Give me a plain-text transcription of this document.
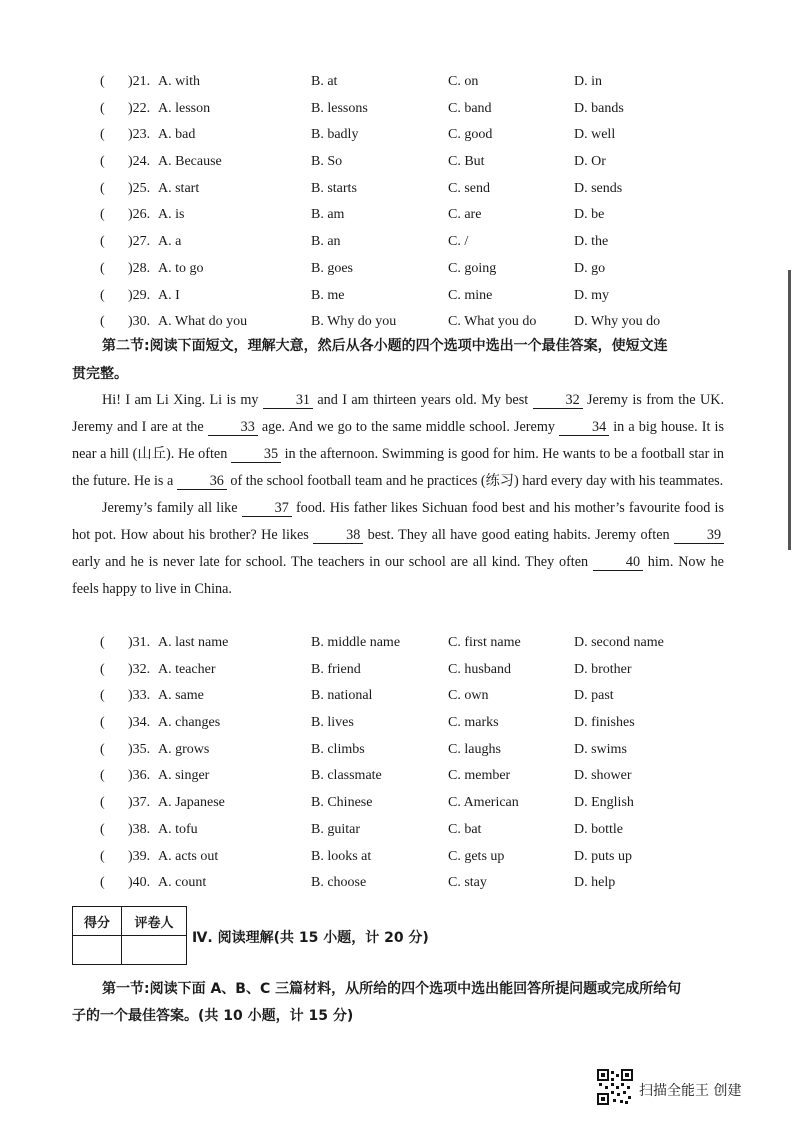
( )21. A. with	B. at	C. on	D. in
( )22. A. lesson	B. lessons	C. band	D. bands
( )23. A. bad	B. badly	C. good	D. well
( )24. A. Because	B. So	C. But	D. Or
( )25. A. start	B. starts	C. send	D. sends
( )26. A. is	B. am	C. are	D. be
( )27. A. a	B. an	C. /	D. the
( )28. A. to go	B. goes	C. going	D. go
( )29. A. I	B. me	C. mine	D. my
( )30. A. What do you	B. Why do you	C. What you do	D. Why you do
第二节:阅读下面短文，理解大意，然后从各小题的四个选项中选出一个最佳答案，使短文连
贯完整。

Hi! I am Li Xing. Li is my 31 and I am thirteen years old. My best 32 Jeremy is from the UK. Jeremy and I are at the 33 age. And we go to the same middle school. Jeremy 34 in a big house. It is near a hill (山丘). He often 35 in the afternoon. Swimming is good for him. He wants to be a football star in the future. He is a 36 of the school football team and he practices (练习) hard every day with his teammates.

Jeremy’s family all like 37 food. His father likes Sichuan food best and his mother’s favourite food is hot pot. How about his brother? He likes 38 best. They all have good eating habits. Jeremy often 39 early and he is never late for school. The teachers in our school are all kind. They often 40 him. Now he feels happy to live in China.

( )31. A. last name	B. middle name	C. first name	D. second name
( )32. A. teacher	B. friend	C. husband	D. brother
( )33. A. same	B. national	C. own	D. past
( )34. A. changes	B. lives	C. marks	D. finishes
( )35. A. grows	B. climbs	C. laughs	D. swims
( )36. A. singer	B. classmate	C. member	D. shower
( )37. A. Japanese	B. Chinese	C. American	D. English
( )38. A. tofu	B. guitar	C. bat	D. bottle
( )39. A. acts out	B. looks at	C. gets up	D. puts up
( )40. A. count	B. choose	C. stay	D. help
得分	评卷人

Ⅳ. 阅读理解(共 15 小题，计 20 分)
第一节:阅读下面 A、B、C 三篇材料，从所给的四个选项中选出能回答所提问题或完成所给句
子的一个最佳答案。(共 10 小题，计 15 分)
扫描全能王 创建
